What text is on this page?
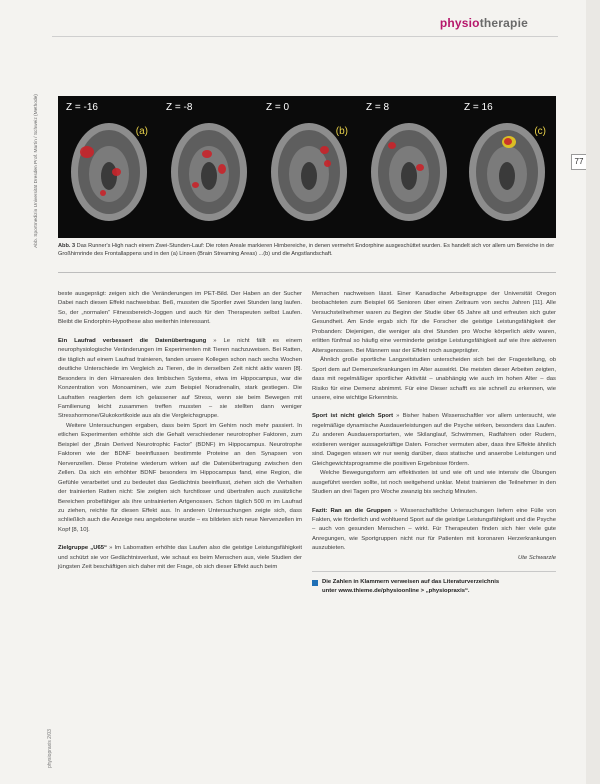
physiotherapie
Abb. Sportmedizin Universität Dresden Prof. Martin / Schweiz (Methode)	Z = -16
(a)
Z = -8	Z = 0
(b)
Z = 8	Z = 16
(c)
77
Abb. 3 Das Runner's High nach einem Zwei-Stunden-Lauf: Die roten Areale markieren Hirnbereiche, in denen vermehrt Endorphine ausgeschüttet wurden. Es handelt sich vor allem um Bereiche in der Großhirnrinde des Frontallappens und in den (a) Linsen (Brain Streaming Areas) ...(b) und die Angstlandschaft.

beste ausgeprägt: zeigen sich die Veränderungen im PET-Bild. Der Haben an der Sucher Dabei nach diesen Effekt nachweisbar. Beß, mussten die Sportler zwei Stunden lang laufen. So, der „normalen“ Fitnessbereich-Joggen und auch für den Therapeuten selbst Laufen. Bleibt die Endorphin-Hypothese also weiterhin interessant.

Ein Laufrad verbessert die Datenübertragung » Le nicht fällt es einem neurophysiologische Veränderungen im Experimenten mit Tieren nachzuweisen. Bei Ratten, die täglich auf einem Laufrad trainieren, fanden unsere Kollegen schon nach sechs Wochen deutliche Unterschiede im Vergleich zu Tieren, die in derselben Zeit nicht aktiv waren [8]. Besonders in den Hirnarealen des limbischen Systems, etwa im Hippocampus, war die Konzentration von Monoaminen, wie zum Beispiel Noradrenalin, stark gestiegen. Die Laufratten reagierten dem ich gelassener auf Stress, wenn sie beim Bewegen mit Familienung leicht zusammen treffen mussten – sie stellten dann weniger Stresshormone/Glukokortikoide aus als die Vergleichsgruppe.

Weitere Untersuchungen ergaben, dass beim Sport im Gehirn noch mehr passiert. In etlichen Experimenten erhöhte sich die Gehalt verschiedener neurotropher Faktoren, zum Beispiel der „Brain Derived Neurotrophic Factor“ (BDNF) im Hippocampus. Neurotrophe Faktoren wie der BDNF beeinflussen bestimmte Proteine an den Synapsen von Nervenzellen. Diese Proteine wiederum wirken auf die Datenübertragung zwischen den Zellen. Da sich ein erhöhter BDNF besonders im Hippocampus fand, eine Region, die Gefühle verarbeitet und zu bedeutet das Gedächtnis beeinflusst, ziehen sich die Verhalten der trainierten Ratten nicht: Sie zeigten sich furchtloser und übertrafen auch zusätzliche Bereichen probefähiger als ihre untrainierten Artgenossen. Schon täglich 500 m im Laufrad zu ziehen, reichte für diesen Effekt aus. In anderen Untersuchungen zeigte sich, dass schließlich auch die Anzeige neu angebotene wurde – es bildeten sich neue Nervenzellen im Kopf [8, 10].

Zielgruppe „U65“ » Im Laborratten erhöhte das Laufen also die geistige Leistungsfähigkeit und schützt sie vor Gedächtnisverlust, wie schaut es beim Menschen aus, viele Studien der jüngsten Zeit beschäftigen sich daher mit der Frage, ob sich dieser Effekt auch beim

Menschen nachweisen lässt. Einer Kanadische Arbeitsgruppe der Universität Oregon beobachteten zum Beispiel 66 Senioren über einen Zeitraum von sechs Jahren [11]. Alle Versuchsteilnehmer waren zu Beginn der Studie über 65 Jahre alt und erfreuten sich guter Gesundheit. Am Ende ergab sich für die Forscher die geistige Leistungsfähigkeit der Probanden: Diejenigen, die weniger als drei Stunden pro Woche körperlich aktiv waren, erlitten fünfmal so häufig eine verminderte geistige Leistungsfähigkeit auf wie ihre aktiveren Altersgenossen. Bei Männern war der Effekt noch ausgeprägter.

Ähnlich große sportliche Langzeitstudien unterscheiden sich bei der Fragestellung, ob Sport dem auf Demenzerkrankungen im Alter auswirkt. Die meisten dieser Arbeiten zeigten, dass mit regelmäßiger sportlicher Aktivität – unabhängig wie auch im hohen Alter – das Risiko für eine Demenz abnimmt. Für eine Dieser schafft es sie schnell zu erkennen, wie unsere, eine wichtige Erkenntnis.

Sport ist nicht gleich Sport » Bisher haben Wissenschaftler vor allem untersucht, wie regelmäßige dynamische Ausdauerleistungen auf die Psyche wirken, besonders das Laufen. Zu anderen Ausdauersportarten, wie Skilanglauf, Schwimmen, Radfahren oder Rudern, existieren weniger aussagekräftige Daten. Forscher vermuten aber, dass ihre Effekte ähnlich sind. Dagegen wissen wir nur wenig darüber, dass statische und anaerobe Leistungen und Gleichgewichtsprogramme die positiven Ergebnisse fördern.

Welche Bewegungsform am effektivsten ist und wie oft und wie intensiv die Übungen ausgeführt werden sollte, ist noch weitgehend unklar. Meist trainieren die Teilnehmer in den Studien an drei Tagen pro Woche zwanzig bis sechzig Minuten.

Fazit: Ran an die Gruppen » Wissenschaftliche Untersuchungen liefern eine Fülle von Fakten, wie förderlich und wohltuend Sport auf die geistige Leistungsfähigkeit und die Psyche – auch von gesunden Menschen – wirkt. Für Therapeuten finden sich hier viele gute Anregungen, wie Sportgruppen nicht nur für Patienten mit koronaren Herzerkrankungen auszubieten.

Ute Schwarzle

Die Zahlen in Klammern verweisen auf das Literaturverzeichnis
unter www.thieme.de/physioonline > „physiopraxis“.
physiopraxis 2/03
